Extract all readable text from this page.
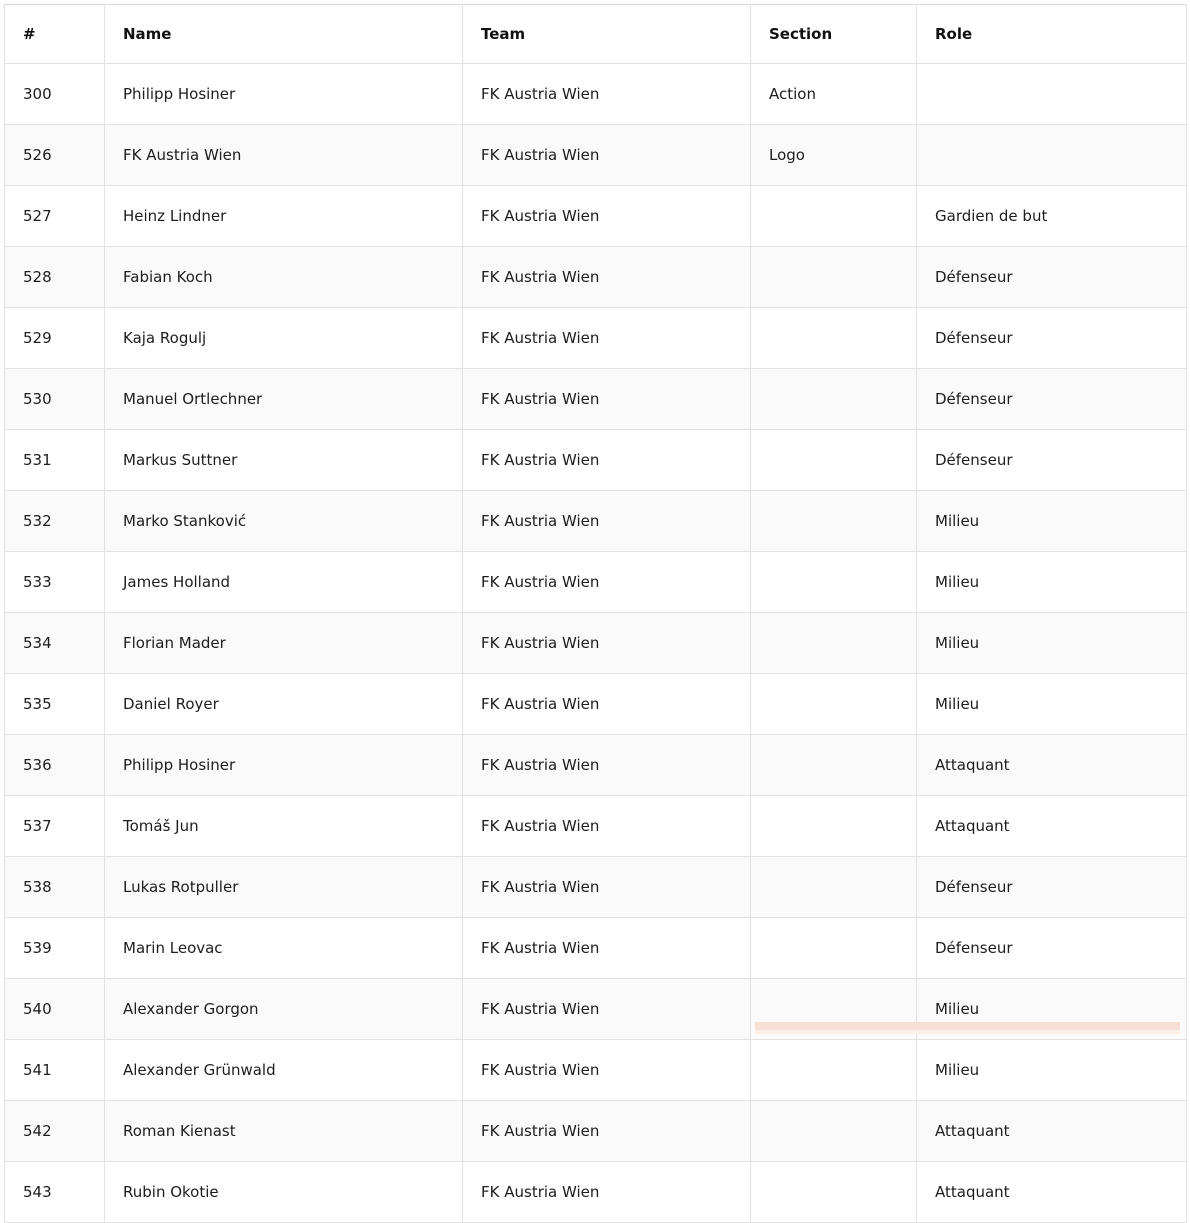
#	Name	Team	Section	Role
300	Philipp Hosiner	FK Austria Wien	Action	
526	FK Austria Wien	FK Austria Wien	Logo	
527	Heinz Lindner	FK Austria Wien		Gardien de but
528	Fabian Koch	FK Austria Wien		Défenseur
529	Kaja Rogulj	FK Austria Wien		Défenseur
530	Manuel Ortlechner	FK Austria Wien		Défenseur
531	Markus Suttner	FK Austria Wien		Défenseur
532	Marko Stanković	FK Austria Wien		Milieu
533	James Holland	FK Austria Wien		Milieu
534	Florian Mader	FK Austria Wien		Milieu
535	Daniel Royer	FK Austria Wien		Milieu
536	Philipp Hosiner	FK Austria Wien		Attaquant
537	Tomáš Jun	FK Austria Wien		Attaquant
538	Lukas Rotpuller	FK Austria Wien		Défenseur
539	Marin Leovac	FK Austria Wien		Défenseur
540	Alexander Gorgon	FK Austria Wien		Milieu
541	Alexander Grünwald	FK Austria Wien		Milieu
542	Roman Kienast	FK Austria Wien		Attaquant
543	Rubin Okotie	FK Austria Wien		Attaquant
